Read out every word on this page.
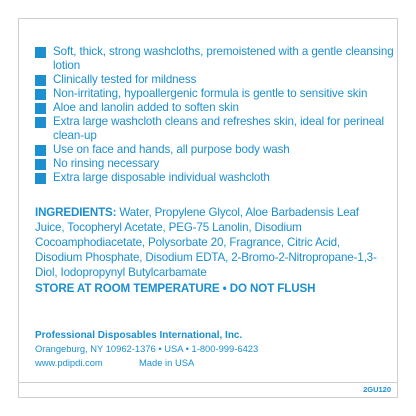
Soft, thick, strong washcloths, premoistened with a gentle cleansing lotion
Clinically tested for mildness
Non-irritating, hypoallergenic formula is gentle to sensitive skin
Aloe and lanolin added to soften skin
Extra large washcloth cleans and refreshes skin, ideal for perineal clean-up
Use on face and hands, all purpose body wash
No rinsing necessary
Extra large disposable individual washcloth

INGREDIENTS: Water, Propylene Glycol, Aloe Barbadensis Leaf Juice, Tocopheryl Acetate, PEG-75 Lanolin, Disodium Cocoamphodiacetate, Polysorbate 20, Fragrance, Citric Acid, Disodium Phosphate, Disodium EDTA, 2-Bromo-2-Nitropropane-1,3-Diol, Iodopropynyl Butylcarbamate

STORE AT ROOM TEMPERATURE • DO NOT FLUSH

Professional Disposables International, Inc.

Orangeburg, NY 10962-1376 • USA • 1-800-999-6423

www.pdipdi.com	Made in USA
2GU120
